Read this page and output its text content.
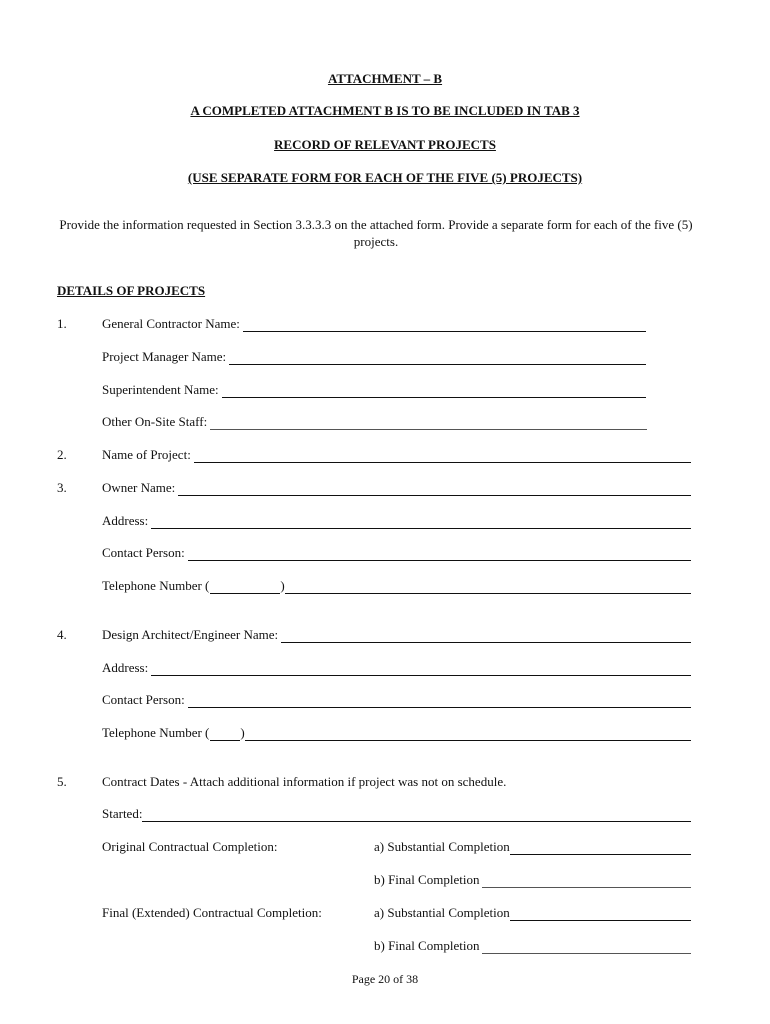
ATTACHMENT – B
A COMPLETED ATTACHMENT B IS TO BE INCLUDED IN TAB 3
RECORD OF RELEVANT PROJECTS
(USE SEPARATE FORM FOR EACH OF THE FIVE (5) PROJECTS)
Provide the information requested in Section 3.3.3.3 on the attached form. Provide a separate form for each of the five (5) projects.
DETAILS OF PROJECTS
1.	General Contractor Name:
Project Manager Name:
Superintendent Name:
Other On-Site Staff:
2.	Name of Project:
3.	Owner Name:
Address:
Contact Person:
Telephone Number (	)
4.	Design Architect/Engineer Name:
Address:
Contact Person:
Telephone Number ( )
5.	Contract Dates - Attach additional information if project was not on schedule.
Started:
Original Contractual Completion:	a) Substantial Completion
b) Final Completion
Final (Extended) Contractual Completion:	a) Substantial Completion
b) Final Completion
Page 20 of 38
